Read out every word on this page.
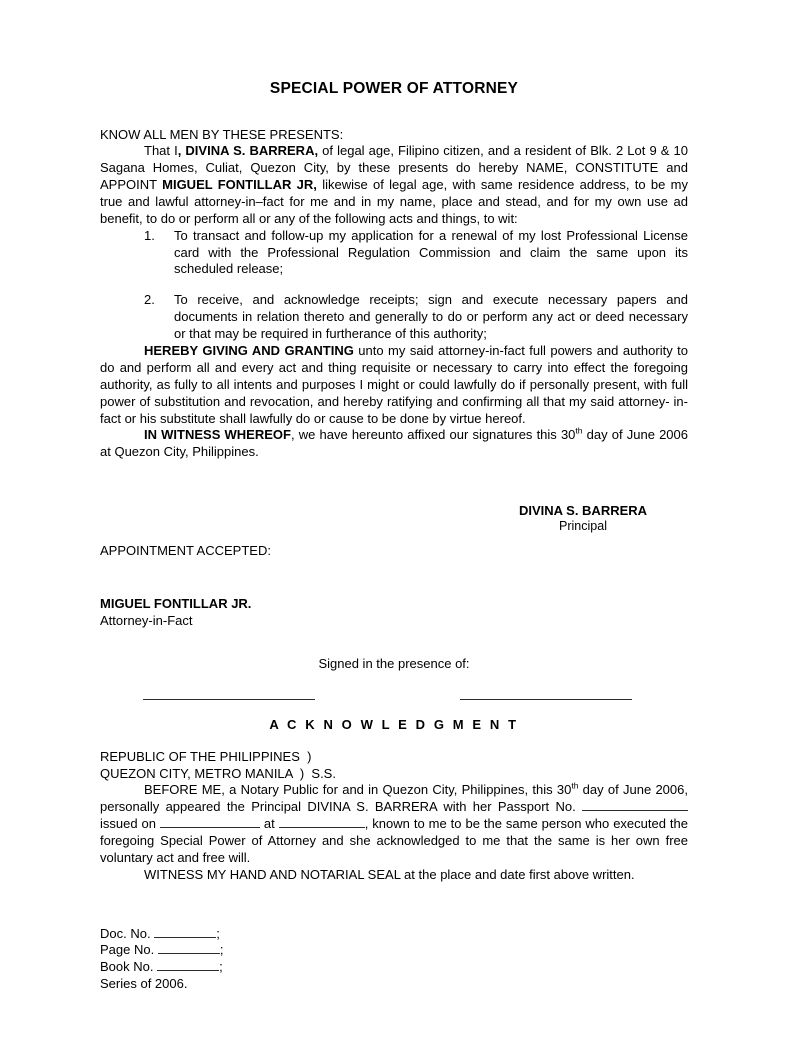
SPECIAL POWER OF ATTORNEY

KNOW ALL MEN BY THESE PRESENTS:

That I, DIVINA S. BARRERA, of legal age, Filipino citizen, and a resident of Blk. 2 Lot 9 & 10 Sagana Homes, Culiat, Quezon City, by these presents do hereby NAME, CONSTITUTE and APPOINT MIGUEL FONTILLAR JR, likewise of legal age, with same residence address, to be my true and lawful attorney-in–fact for me and in my name, place and stead, and for my own use ad benefit, to do or perform all or any of the following acts and things, to wit:

1. To transact and follow-up my application for a renewal of my lost Professional License card with the Professional Regulation Commission and claim the same upon its scheduled release;
2. To receive, and acknowledge receipts; sign and execute necessary papers and documents in relation thereto and generally to do or perform any act or deed necessary or that may be required in furtherance of this authority;

HEREBY GIVING AND GRANTING unto my said attorney-in-fact full powers and authority to do and perform all and every act and thing requisite or necessary to carry into effect the foregoing authority, as fully to all intents and purposes I might or could lawfully do if personally present, with full power of substitution and revocation, and hereby ratifying and confirming all that my said attorney- in-fact or his substitute shall lawfully do or cause to be done by virtue hereof.

IN WITNESS WHEREOF, we have hereunto affixed our signatures this 30th day of June 2006 at Quezon City, Philippines.

DIVINA S. BARRERA
Principal
APPOINTMENT ACCEPTED:
MIGUEL FONTILLAR JR.
Attorney-in-Fact
Signed in the presence of:
A C K N O W L E D G M E N T
REPUBLIC OF THE PHILIPPINES  )
QUEZON CITY, METRO MANILA  )  S.S.

BEFORE ME, a Notary Public for and in Quezon City, Philippines, this 30th day of June 2006, personally appeared the Principal DIVINA S. BARRERA with her Passport No.  issued on	at	, known to me to be the same person who executed the foregoing Special Power of Attorney and she acknowledged to me that the same is her own free voluntary act and free will.

WITNESS MY HAND AND NOTARIAL SEAL at the place and date first above written.

Doc. No.	;
Page No.	;
Book No.	;
Series of 2006.
